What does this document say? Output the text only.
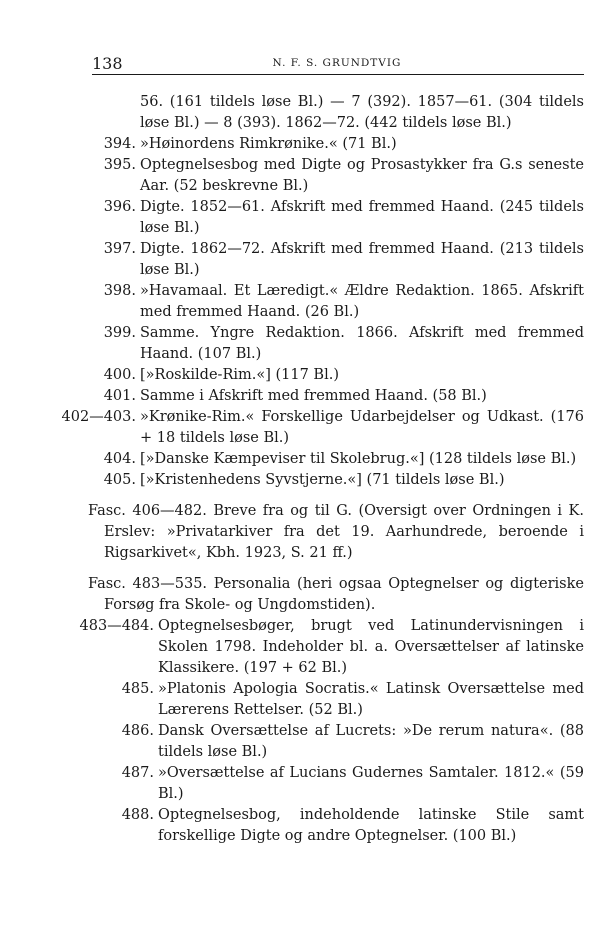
138	N. F. S. GRUNDTVIG
56. (161 tildels løse Bl.) — 7 (392). 1857—61. (304 tildels løse Bl.) — 8 (393). 1862—72. (442 tildels løse Bl.)
394. »Høinordens Rimkrønike.« (71 Bl.)
395. Optegnelsesbog med Digte og Prosastykker fra G.s seneste Aar. (52 beskrevne Bl.)
396. Digte. 1852—61. Afskrift med fremmed Haand. (245 tildels løse Bl.)
397. Digte. 1862—72. Afskrift med fremmed Haand. (213 tildels løse Bl.)
398. »Havamaal. Et Læredigt.« Ældre Redaktion. 1865. Afskrift med fremmed Haand. (26 Bl.)
399. Samme. Yngre Redaktion. 1866. Afskrift med fremmed Haand. (107 Bl.)
400. [»Roskilde-Rim.«] (117 Bl.)
401. Samme i Afskrift med fremmed Haand. (58 Bl.)
402—403. »Krønike-Rim.« Forskellige Udarbejdelser og Udkast. (176 + 18 tildels løse Bl.)
404. [»Danske Kæmpeviser til Skolebrug.«] (128 tildels løse Bl.)
405. [»Kristenhedens Syvstjerne.«] (71 tildels løse Bl.)
Fasc. 406—482. Breve fra og til G. (Oversigt over Ordningen i K. Erslev: »Privatarkiver fra det 19. Aarhundrede, beroende i Rigsarkivet«, Kbh. 1923, S. 21 ff.)
Fasc. 483—535. Personalia (heri ogsaa Optegnelser og digteriske Forsøg fra Skole- og Ungdomstiden).
483—484. Optegnelsesbøger, brugt ved Latinundervisningen i Skolen 1798. Indeholder bl. a. Oversættelser af latinske Klassikere. (197 + 62 Bl.)
485. »Platonis Apologia Socratis.« Latinsk Oversættelse med Lærerens Rettelser. (52 Bl.)
486. Dansk Oversættelse af Lucrets: »De rerum natura«. (88 tildels løse Bl.)
487. »Oversættelse af Lucians Gudernes Samtaler. 1812.« (59 Bl.)
488. Optegnelsesbog, indeholdende latinske Stile samt forskellige Digte og andre Optegnelser. (100 Bl.)
